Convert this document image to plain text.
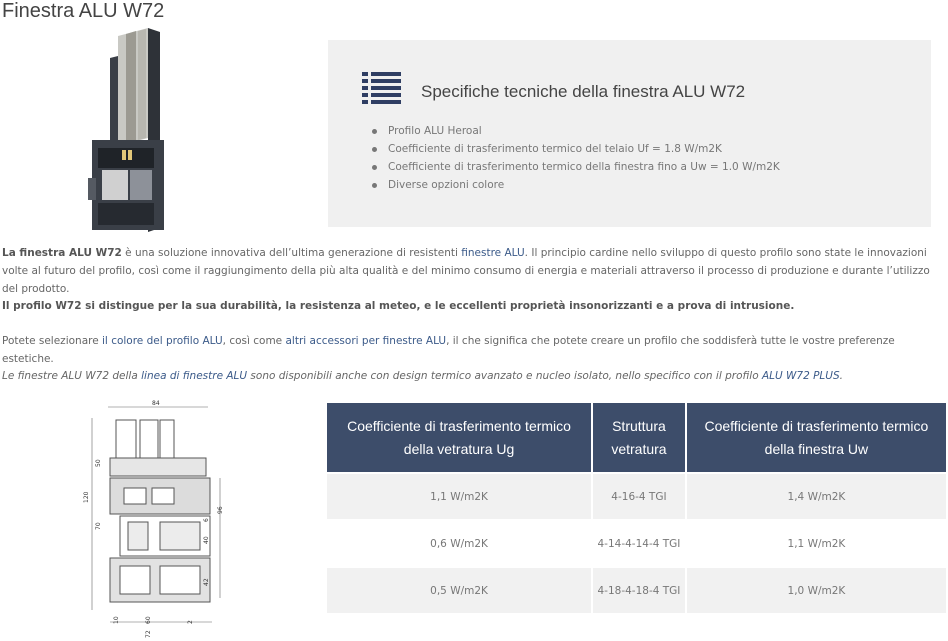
Finestra ALU W72
Specifiche tecniche della finestra ALU W72
Profilo ALU Heroal
Coefficiente di trasferimento termico del telaio Uf = 1.8 W/m2K
Coefficiente di trasferimento termico della finestra fino a Uw = 1.0 W/m2K
Diverse opzioni colore

La finestra ALU W72 è una soluzione innovativa dell’ultima generazione di resistenti finestre ALU. Il principio cardine nello sviluppo di questo profilo sono state le innovazioni volte al futuro del profilo, così come il raggiungimento della più alta qualità e del minimo consumo di energia e materiali attraverso il processo di produzione e durante l’utilizzo del prodotto.

Il profilo W72 si distingue per la sua durabilità, la resistenza al meteo, e le eccellenti proprietà insonorizzanti e a prova di intrusione.

Potete selezionare il colore del profilo ALU, così come altri accessori per finestre ALU, il che significa che potete creare un profilo che soddisferà tutte le vostre preferenze estetiche.

Le finestre ALU W72 della linea di finestre ALU sono disponibili anche con design termico avanzato e nucleo isolato, nello specifico con il profilo ALU W72 PLUS.

84
120
50
70
96
6
40
42
10	60
72
2
Coefficiente di trasferimento termico della vetratura Ug	Struttura vetratura	Coefficiente di trasferimento termico della finestra Uw
1,1 W/m2K	4-16-4 TGI	1,4 W/m2K
0,6 W/m2K	4-14-4-14-4 TGI	1,1 W/m2K
0,5 W/m2K	4-18-4-18-4 TGI	1,0 W/m2K
